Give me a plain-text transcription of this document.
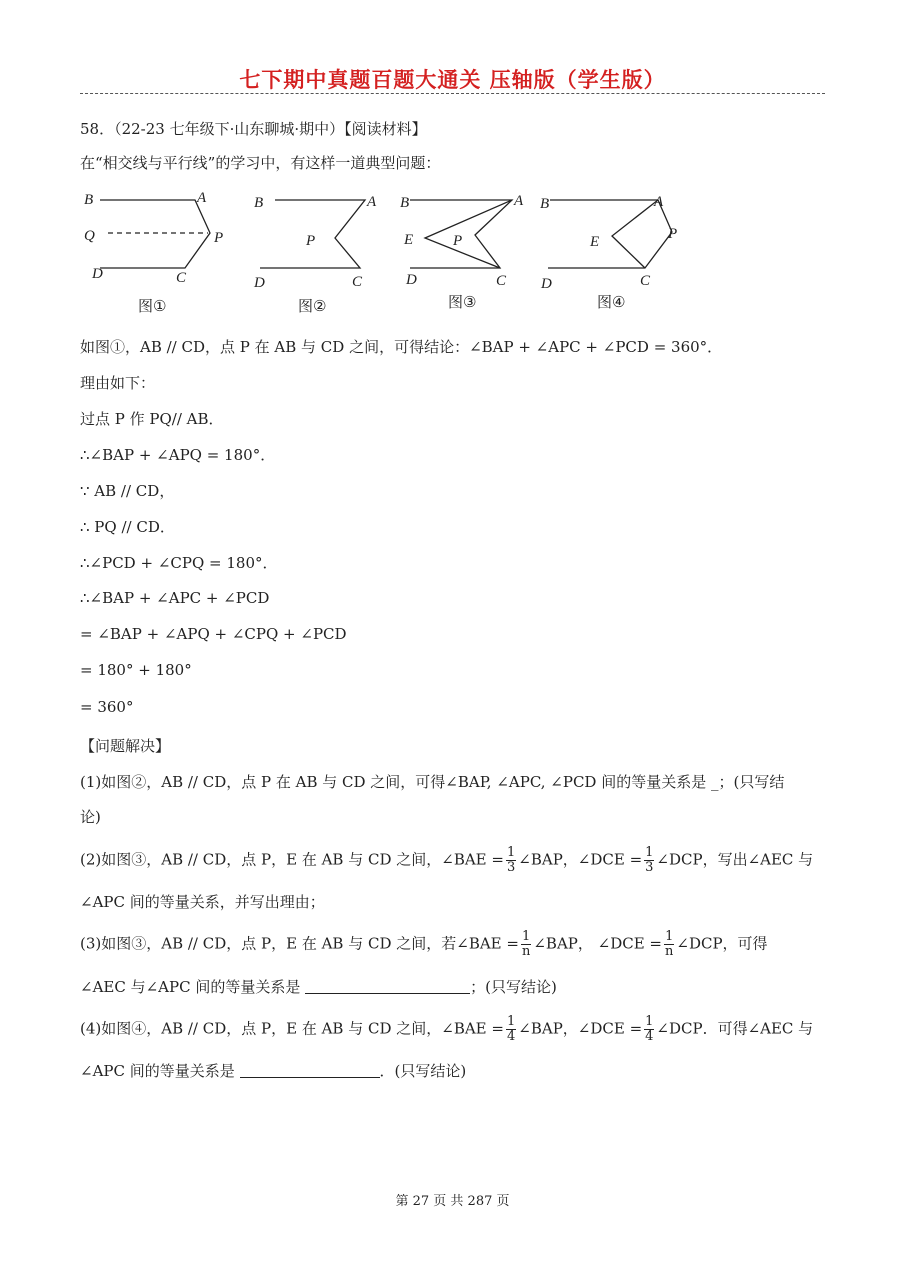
七下期中真题百题大通关 压轴版（学生版）
58．（22-23 七年级下·山东聊城·期中）【阅读材料】
在“相交线与平行线”的学习中，有这样一道典型问题：
B	A
Q	P
D	C
B	A
P
D	C
B	A
E	P
D	C
B	A
E	P
D	C
图①	图②	图③	图④
如图①，AB // CD，点 P 在 AB 与 CD 之间，可得结论：∠BAP + ∠APC + ∠PCD = 360°．
理由如下：
过点 P 作 PQ// AB．
∴∠BAP + ∠APQ = 180°．
∵ AB // CD，
∴ PQ // CD．
∴∠PCD + ∠CPQ = 180°．
∴∠BAP + ∠APC + ∠PCD
= ∠BAP + ∠APQ + ∠CPQ + ∠PCD
= 180° + 180°
= 360°
【问题解决】
(1)如图②，AB // CD，点 P 在 AB 与 CD 之间，可得∠BAP, ∠APC, ∠PCD 间的等量关系是 _；(只写结
论)
(2)如图③，AB // CD，点 P，E 在 AB 与 CD 之间，∠BAE = $\frac{1}{3}$ ∠BAP，∠DCE = $\frac{1}{3}$ ∠DCP，写出∠AEC 与
∠APC 间的等量关系，并写出理由；
(3)如图③，AB // CD，点 P，E 在 AB 与 CD 之间，若∠BAE = $\frac{1}{n}$ ∠BAP， ∠DCE = $\frac{1}{n}$ ∠DCP，可得
∠AEC 与∠APC 间的等量关系是	；(只写结论)
(4)如图④，AB // CD，点 P，E 在 AB 与 CD 之间，∠BAE = $\frac{1}{4}$ ∠BAP，∠DCE = $\frac{1}{4}$ ∠DCP．可得∠AEC 与
∠APC 间的等量关系是	．(只写结论)
第 27 页 共 287 页
